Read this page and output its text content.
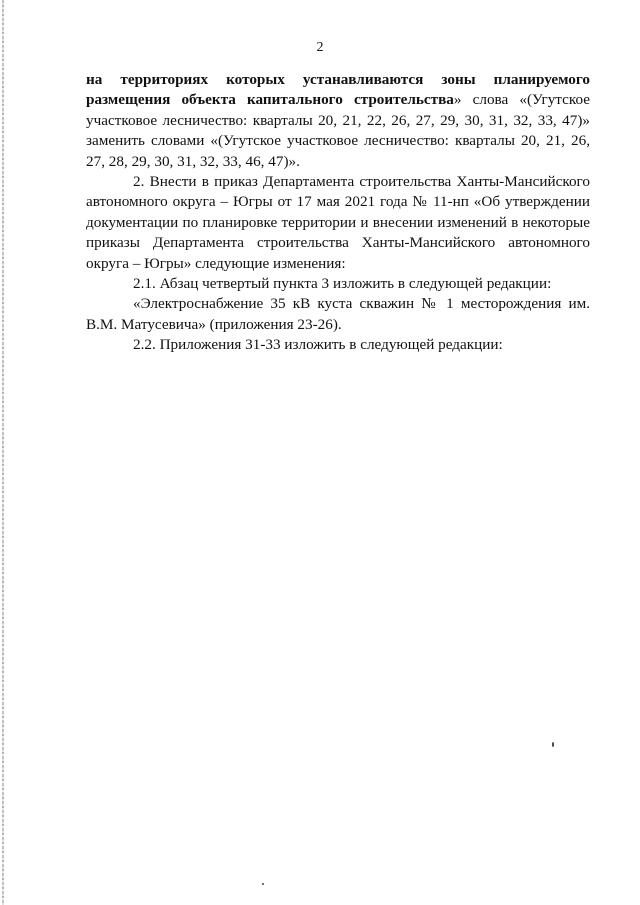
2

на территориях которых устанавливаются зоны планируемого размещения объекта капитального строительства» слова «(Угутское участковое лесничество: кварталы 20, 21, 22, 26, 27, 29, 30, 31, 32, 33, 47)» заменить словами «(Угутское участковое лесничество: кварталы 20, 21, 26, 27, 28, 29, 30, 31, 32, 33, 46, 47)».

2. Внести в приказ Департамента строительства Ханты-Мансийского автономного округа – Югры от 17 мая 2021 года № 11-нп «Об утверждении документации по планировке территории и внесении изменений в некоторые приказы Департамента строительства Ханты-Мансийского автономного округа – Югры» следующие изменения:

2.1. Абзац четвертый пункта 3 изложить в следующей редакции:

«Электроснабжение 35 кВ куста скважин № 1 месторождения им. В.М. Матусевича» (приложения 23-26).

2.2. Приложения 31-33 изложить в следующей редакции:
